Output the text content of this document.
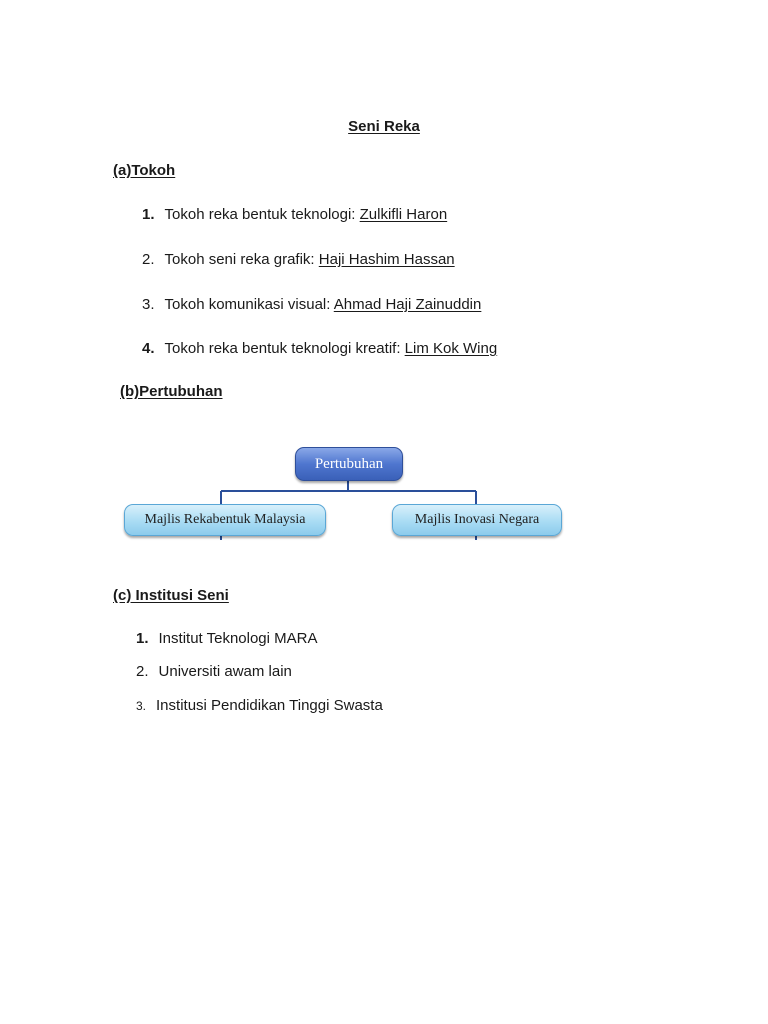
Seni Reka
(a)Tokoh
1. Tokoh reka bentuk teknologi: Zulkifli Haron
2. Tokoh seni reka grafik: Haji Hashim Hassan
3. Tokoh komunikasi visual: Ahmad Haji Zainuddin
4. Tokoh reka bentuk teknologi kreatif: Lim Kok Wing
(b)Pertubuhan
Pertubuhan
Majlis Rekabentuk Malaysia	Majlis Inovasi Negara
(c) Institusi Seni
1. Institut Teknologi MARA
2. Universiti awam lain
3. Institusi Pendidikan Tinggi Swasta
